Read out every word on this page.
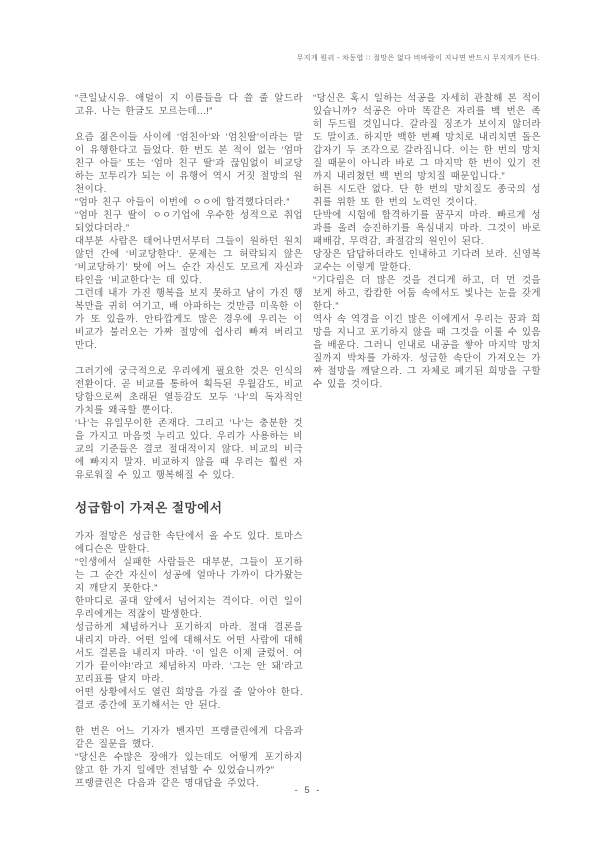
무지개 원리 - 차동엽 ∷ 절망은 없다 비바람이 지나면 반드시 무지개가 뜬다.

“큰일났시유. 애덜이 지 이름들을 다 쓸 줄 알드라고유. 나는 한글도 모르는데...!”

요즘 젊은이들 사이에 ‘엄친아’와 ‘엄친딸’이라는 말이 유행한다고 들었다. 한 번도 본 적이 없는 ‘엄마 친구 아들’ 또는 ‘엄마 친구 딸’과 끊임없이 비교당하는 꼬투리가 되는 이 유행어 역시 거짓 절망의 원천이다.

“엄마 친구 아들이 이번에 ㅇㅇ에 합격했다더라.”

“엄마 친구 딸이 ㅇㅇ기업에 우수한 성적으로 취업되었다더라.”

대부분 사람은 태어나면서부터 그들이 원하던 원치 않던 간에 ‘비교당한다’. 문제는 그 허락되지 않은 ‘비교당하기’ 탓에 어느 순간 자신도 모르게 자신과 타인을 ‘비교한다’는 데 있다.

그런데 내가 가진 행복을 보지 못하고 남이 가진 행복만을 귀히 여기고, 배 아파하는 것만큼 미욱한 이가 또 있을까. 안타깝게도 많은 경우에 우리는 이 비교가 불러오는 가짜 절망에 쉽사리 빠져 버리고 만다.

그러기에 궁극적으로 우리에게 필요한 것은 인식의 전환이다. 곧 비교를 통하여 획득된 우월감도, 비교당함으로써 초래된 열등감도 모두 ‘나’의 독자적인 가치를 왜곡할 뿐이다.

‘나’는 유일무이한 존재다. 그리고 ‘나’는 충분한 것을 가지고 마음껏 누리고 있다. 우리가 사용하는 비교의 기준들은 결코 절대적이지 않다. 비교의 비극에 빠지지 말자. 비교하지 않을 때 우리는 훨씬 자유로워질 수 있고 행복해질 수 있다.

성급함이 가져온 절망에서

가자 절망은 성급한 속단에서 올 수도 있다. 토마스 에디슨은 말한다.

“인생에서 실패한 사람들은 대부분, 그들이 포기하는 그 순간 자신이 성공에 얼마나 가까이 다가왔는지 깨닫지 못한다.”

한마디로 골대 앞에서 넘어지는 격이다. 이런 일이 우리에게는 적잖이 발생한다.

성급하게 체념하거나 포기하지 마라. 절대 결론을 내리지 마라. 어떤 일에 대해서도 어떤 사람에 대해서도 결론을 내리지 마라. ‘이 일은 이제 글렀어. 여기가 끝이야!’라고 체념하지 마라. ‘그는 안 돼’라고 꼬리표를 달지 마라.

어떤 상황에서도 열린 희망을 가질 줄 알아야 한다. 결코 중간에 포기해서는 안 된다.

한 번은 어느 기자가 벤자민 프랭클린에게 다음과 같은 질문을 했다.

“당신은 수많은 장애가 있는데도 어떻게 포기하지 않고 한 가지 일에만 전념할 수 있었습니까?”

프랭클린은 다음과 같은 명대답을 주었다.

“당신은 혹시 일하는 석공을 자세히 관찰해 본 적이 있습니까? 석공은 아마 똑같은 자리를 백 번은 족히 두드릴 것입니다. 갈라질 징조가 보이지 않더라도 말이죠. 하지만 백한 번째 망치로 내리치면 돌은 갑자기 두 조각으로 갈라집니다. 이는 한 번의 망치질 때문이 아니라 바로 그 마지막 한 번이 있기 전까지 내리쳤던 백 번의 망치질 때문입니다.”

허튼 시도란 없다. 단 한 번의 망치질도 종국의 성취를 위한 또 한 번의 노력인 것이다.

단박에 시험에 합격하기를 꿈꾸지 마라. 빠르게 성과를 올려 승진하기를 욕심내지 마라. 그것이 바로 패배감, 무력감, 좌절감의 원인이 된다.

당장은 답답하더라도 인내하고 기다려 보라. 신영복 교수는 이렇게 말한다.

“기다림은 더 많은 것을 견디게 하고, 더 먼 것을 보게 하고, 캄캄한 어둠 속에서도 빛나는 눈을 갖게 한다.”

역사 속 역경을 이긴 많은 이에게서 우리는 꿈과 희망을 지니고 포기하지 않을 때 그것을 이룰 수 있음을 배운다. 그러니 인내로 내공을 쌓아 마지막 망치질까지 박차를 가하자. 성급한 속단이 가져오는 가짜 절망을 깨달으라. 그 자체로 폐기된 희망을 구할 수 있을 것이다.

- 5 -
